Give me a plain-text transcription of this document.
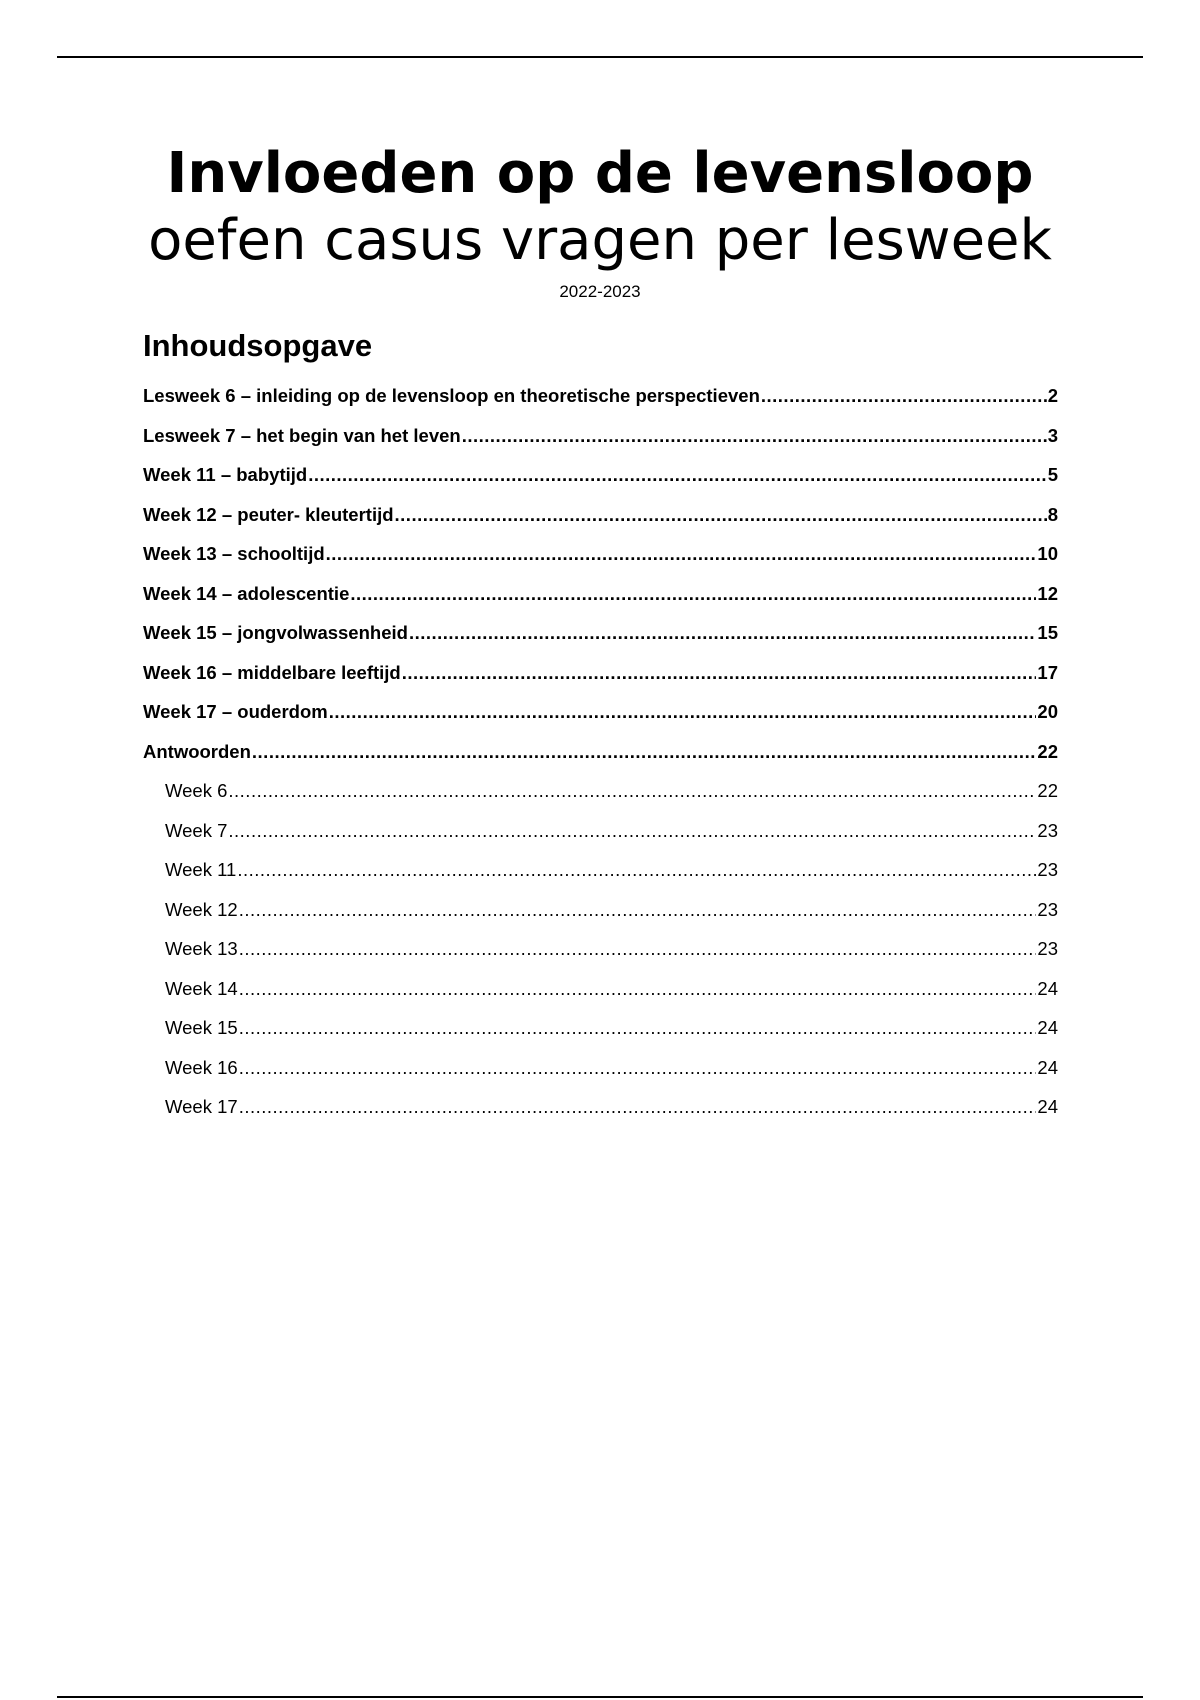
Invloeden op de levensloop
oefen casus vragen per lesweek
2022-2023
Inhoudsopgave
Lesweek 6 – inleiding op de levensloop en theoretische perspectieven .....	2
Lesweek 7 – het begin van het leven .....	3
Week 11 – babytijd .....	5
Week 12 – peuter- kleutertijd .....	8
Week 13 – schooltijd .....	10
Week 14 – adolescentie .....	12
Week 15 – jongvolwassenheid .....	15
Week 16 – middelbare leeftijd .....	17
Week 17 – ouderdom .....	20
Antwoorden .....	22
Week 6 .....	22
Week 7 .....	23
Week 11 .....	23
Week 12 .....	23
Week 13 .....	23
Week 14 .....	24
Week 15 .....	24
Week 16 .....	24
Week 17 .....	24
